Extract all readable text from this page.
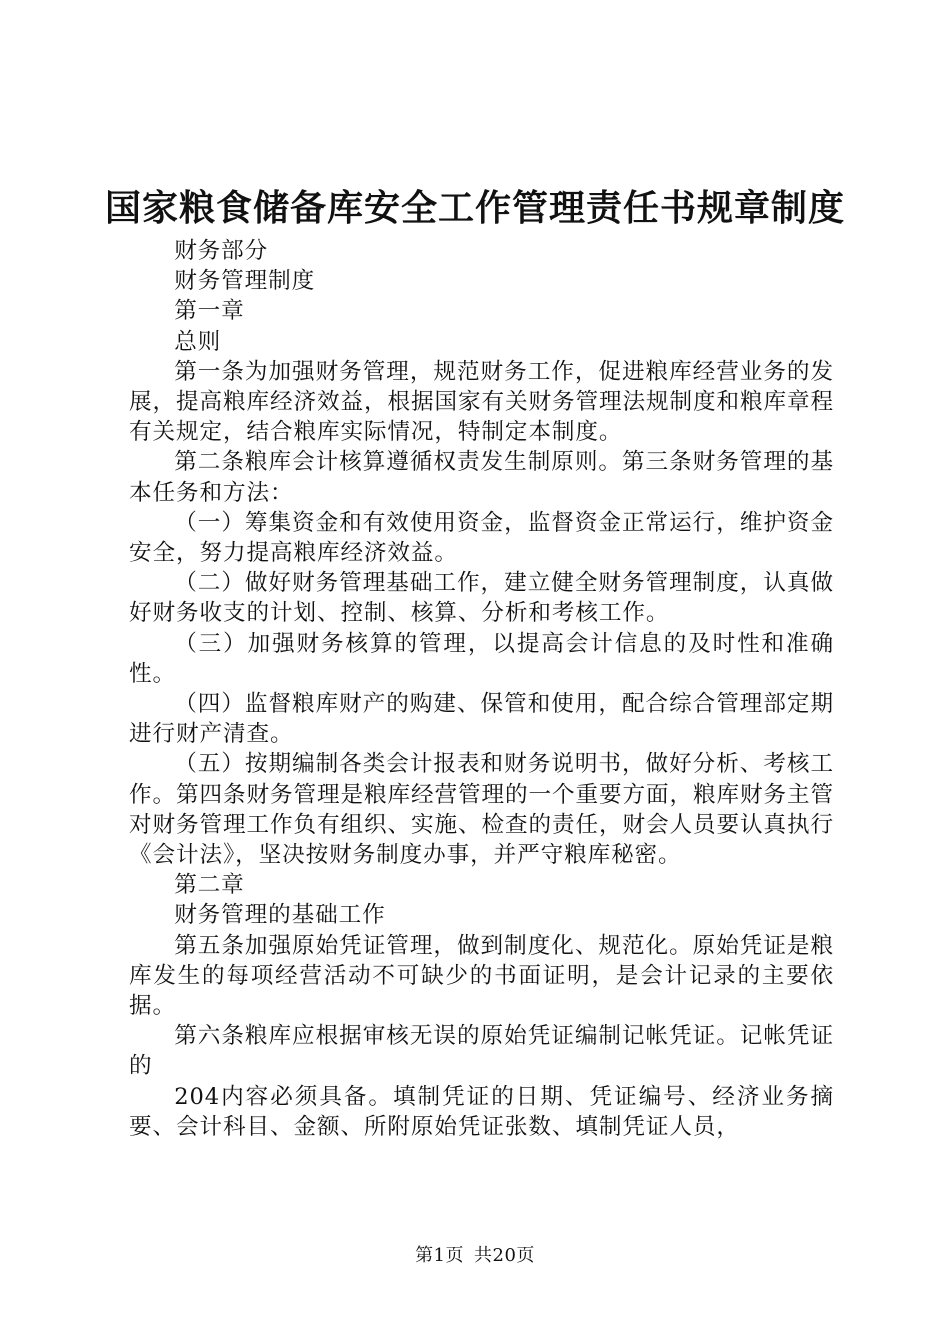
国家粮食储备库安全工作管理责任书规章制度

财务部分

财务管理制度

第一章

总则

第一条为加强财务管理，规范财务工作，促进粮库经营业务的发展，提高粮库经济效益，根据国家有关财务管理法规制度和粮库章程有关规定，结合粮库实际情况，特制定本制度。

第二条粮库会计核算遵循权责发生制原则。第三条财务管理的基本任务和方法：

（一）筹集资金和有效使用资金，监督资金正常运行，维护资金安全，努力提高粮库经济效益。

（二）做好财务管理基础工作，建立健全财务管理制度，认真做好财务收支的计划、控制、核算、分析和考核工作。

（三）加强财务核算的管理，以提高会计信息的及时性和准确性。

（四）监督粮库财产的购建、保管和使用，配合综合管理部定期进行财产清查。

（五）按期编制各类会计报表和财务说明书，做好分析、考核工作。第四条财务管理是粮库经营管理的一个重要方面，粮库财务主管对财务管理工作负有组织、实施、检查的责任，财会人员要认真执行《会计法》，坚决按财务制度办事，并严守粮库秘密。

第二章

财务管理的基础工作

第五条加强原始凭证管理，做到制度化、规范化。原始凭证是粮库发生的每项经营活动不可缺少的书面证明，是会计记录的主要依据。

第六条粮库应根据审核无误的原始凭证编制记帐凭证。记帐凭证的

204内容必须具备。填制凭证的日期、凭证编号、经济业务摘要、会计科目、金额、所附原始凭证张数、填制凭证人员，

第1页 共20页
